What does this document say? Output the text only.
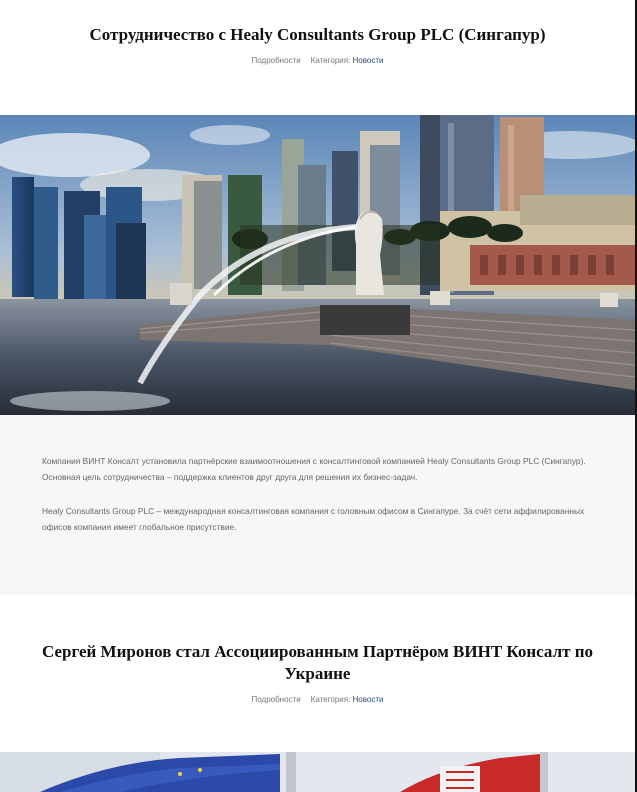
Сотрудничество с Healy Consultants Group PLC (Сингапур)
Подробности Категория: Новости

Компания ВИНТ Консалт установила партнёрские взаимоотношения с консалтинговой компанией Healy Consultants Group PLC (Сингапур). Основная цель сотрудничества – поддержка клиентов друг друга для решения их бизнес-задач.

Healy Consultants Group PLC – международная консалтинговая компания с головным офисом в Сингапуре. За счёт сети аффилированных офисов компания имеет глобальное присутствие.

Сергей Миронов стал Ассоциированным Партнёром ВИНТ Консалт по Украине
Подробности Категория: Новости
